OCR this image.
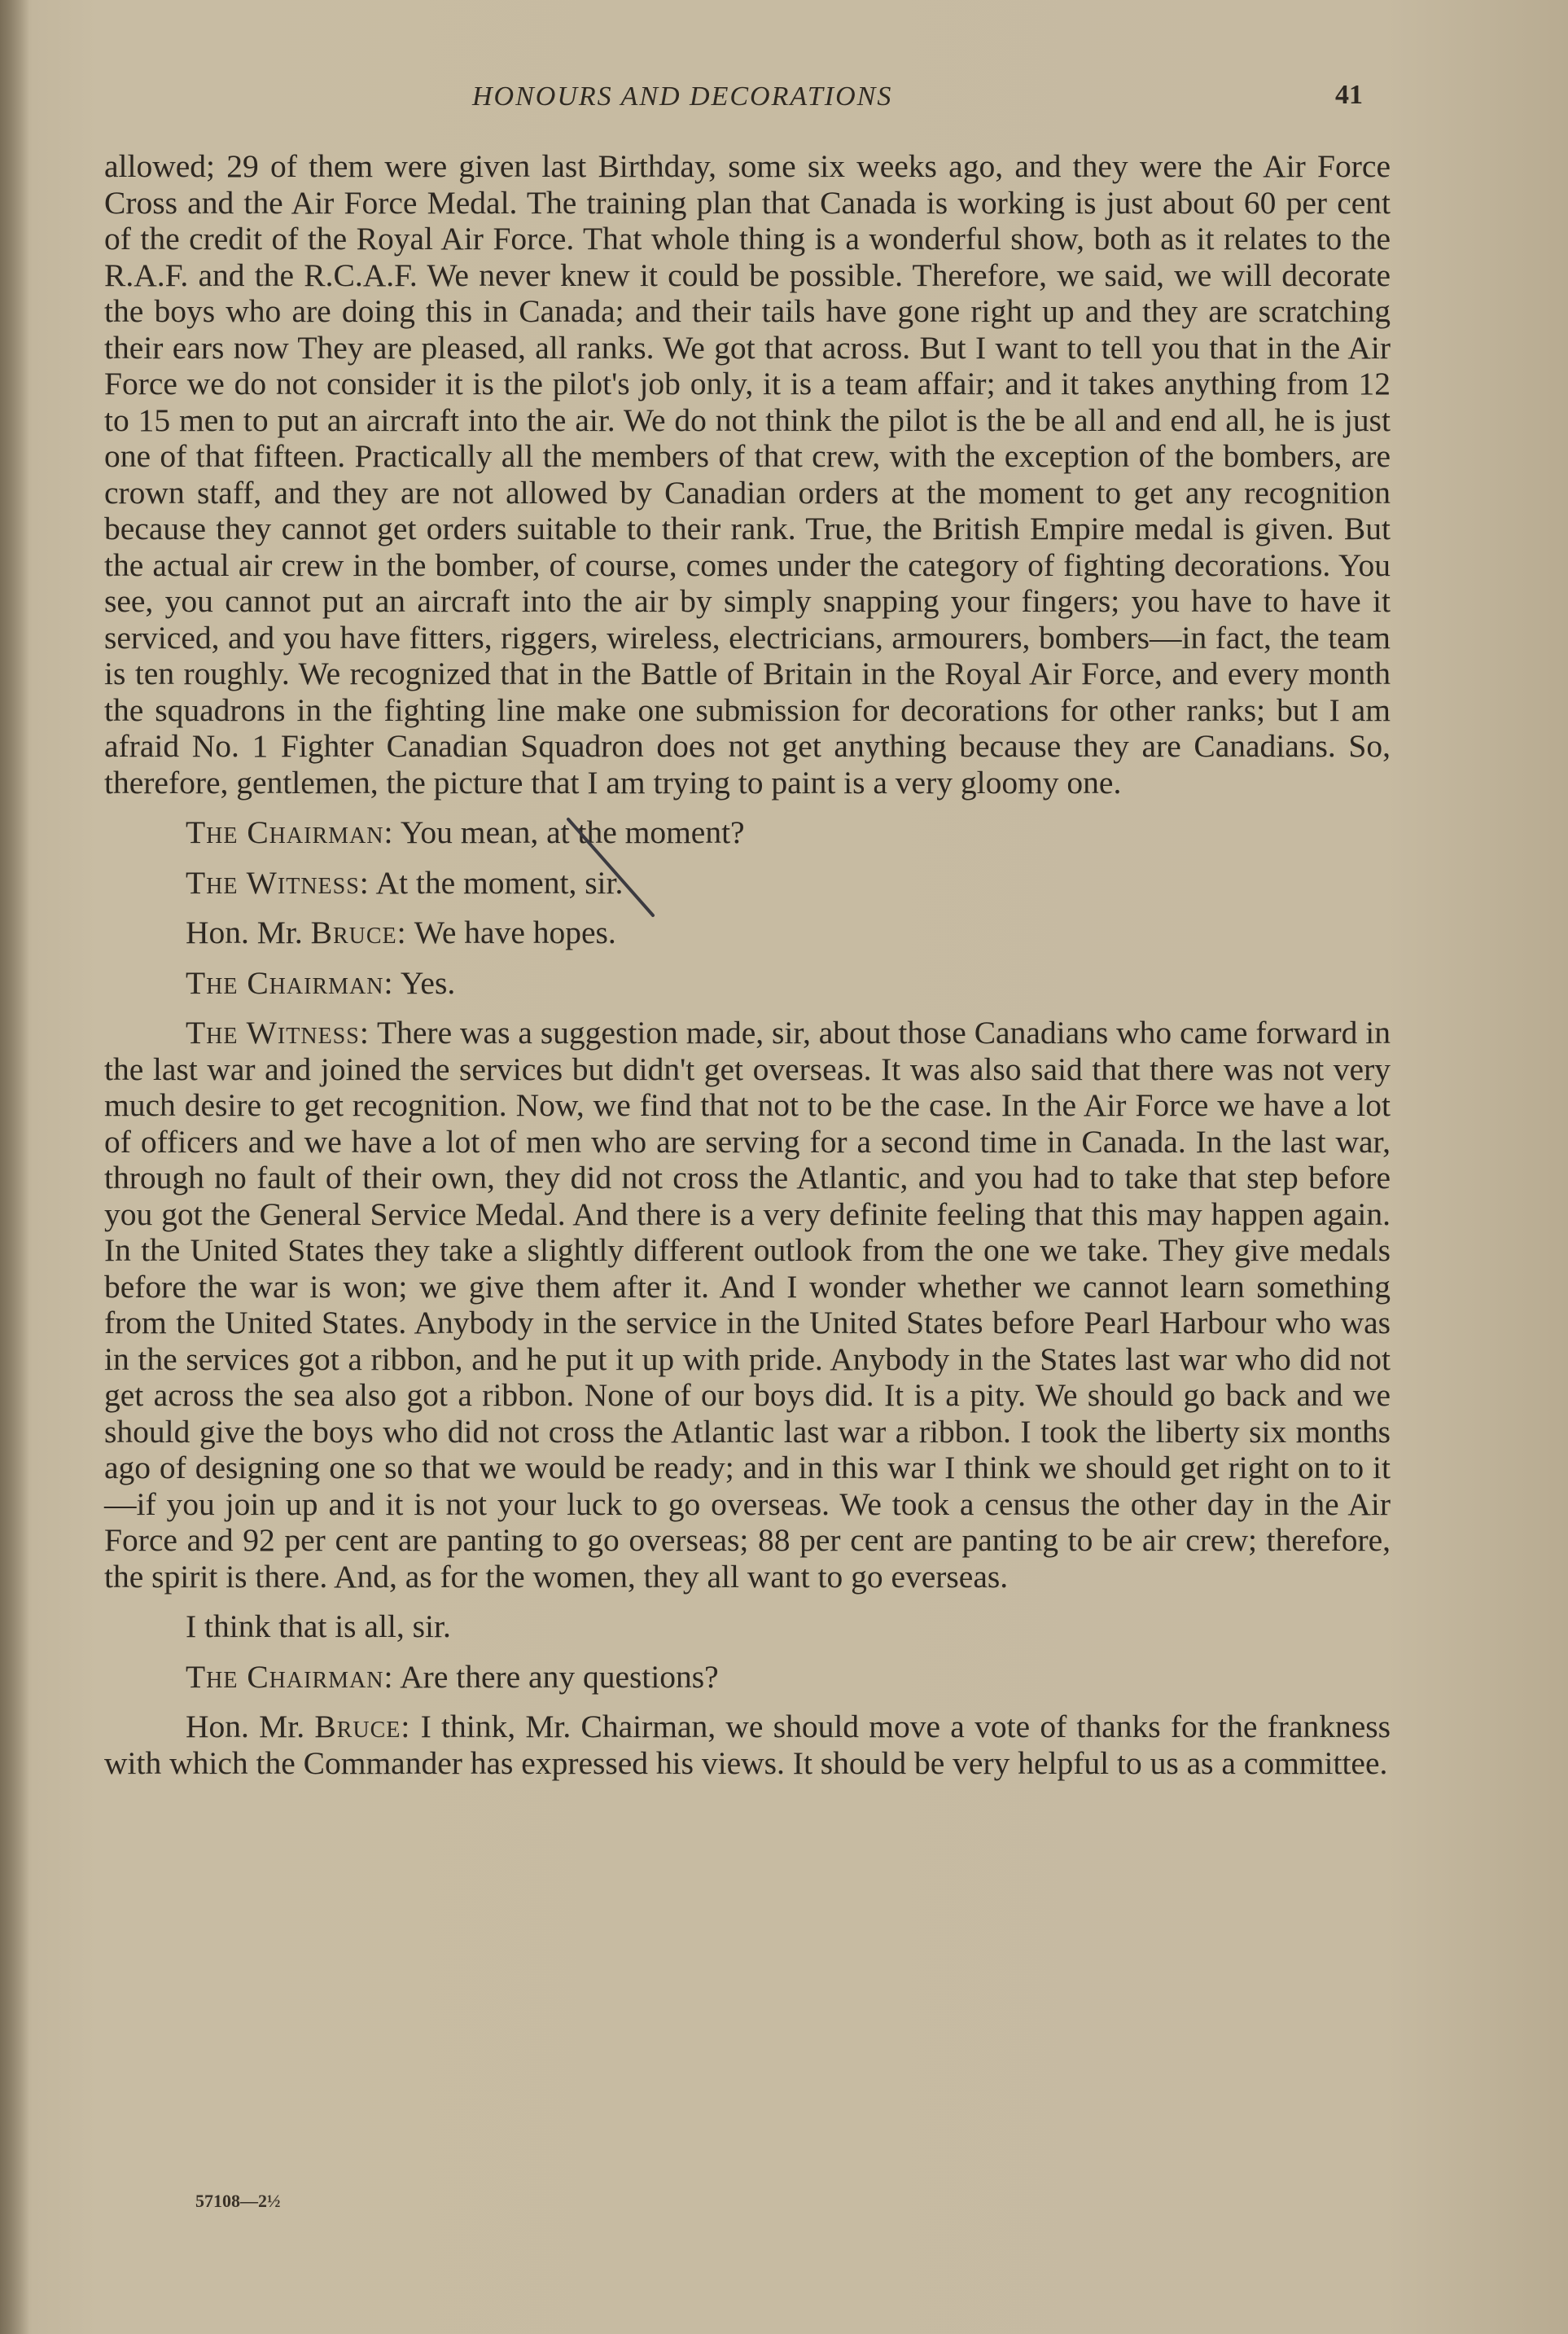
HONOURS AND DECORATIONS	41

allowed; 29 of them were given last Birthday, some six weeks ago, and they were the Air Force Cross and the Air Force Medal. The training plan that Canada is working is just about 60 per cent of the credit of the Royal Air Force. That whole thing is a wonderful show, both as it relates to the R.A.F. and the R.C.A.F. We never knew it could be possible. Therefore, we said, we will decorate the boys who are doing this in Canada; and their tails have gone right up and they are scratching their ears now They are pleased, all ranks. We got that across. But I want to tell you that in the Air Force we do not consider it is the pilot's job only, it is a team affair; and it takes anything from 12 to 15 men to put an aircraft into the air. We do not think the pilot is the be all and end all, he is just one of that fifteen. Practically all the members of that crew, with the exception of the bombers, are crown staff, and they are not allowed by Canadian orders at the moment to get any recognition because they cannot get orders suitable to their rank. True, the British Empire medal is given. But the actual air crew in the bomber, of course, comes under the category of fighting decorations. You see, you cannot put an aircraft into the air by simply snapping your fingers; you have to have it serviced, and you have fitters, riggers, wireless, electricians, armourers, bombers—in fact, the team is ten roughly. We recognized that in the Battle of Britain in the Royal Air Force, and every month the squadrons in the fighting line make one submission for decorations for other ranks; but I am afraid No. 1 Fighter Canadian Squadron does not get anything because they are Canadians. So, therefore, gentlemen, the picture that I am trying to paint is a very gloomy one.

The Chairman: You mean, at the moment?

The Witness: At the moment, sir.

Hon. Mr. Bruce: We have hopes.

The Chairman: Yes.

The Witness: There was a suggestion made, sir, about those Canadians who came forward in the last war and joined the services but didn't get overseas. It was also said that there was not very much desire to get recognition. Now, we find that not to be the case. In the Air Force we have a lot of officers and we have a lot of men who are serving for a second time in Canada. In the last war, through no fault of their own, they did not cross the Atlantic, and you had to take that step before you got the General Service Medal. And there is a very definite feeling that this may happen again. In the United States they take a slightly different outlook from the one we take. They give medals before the war is won; we give them after it. And I wonder whether we cannot learn something from the United States. Anybody in the service in the United States before Pearl Harbour who was in the services got a ribbon, and he put it up with pride. Anybody in the States last war who did not get across the sea also got a ribbon. None of our boys did. It is a pity. We should go back and we should give the boys who did not cross the Atlantic last war a ribbon. I took the liberty six months ago of designing one so that we would be ready; and in this war I think we should get right on to it—if you join up and it is not your luck to go overseas. We took a census the other day in the Air Force and 92 per cent are panting to go overseas; 88 per cent are panting to be air crew; therefore, the spirit is there. And, as for the women, they all want to go everseas.

I think that is all, sir.

The Chairman: Are there any questions?

Hon. Mr. Bruce: I think, Mr. Chairman, we should move a vote of thanks for the frankness with which the Commander has expressed his views. It should be very helpful to us as a committee.

57108—2½
